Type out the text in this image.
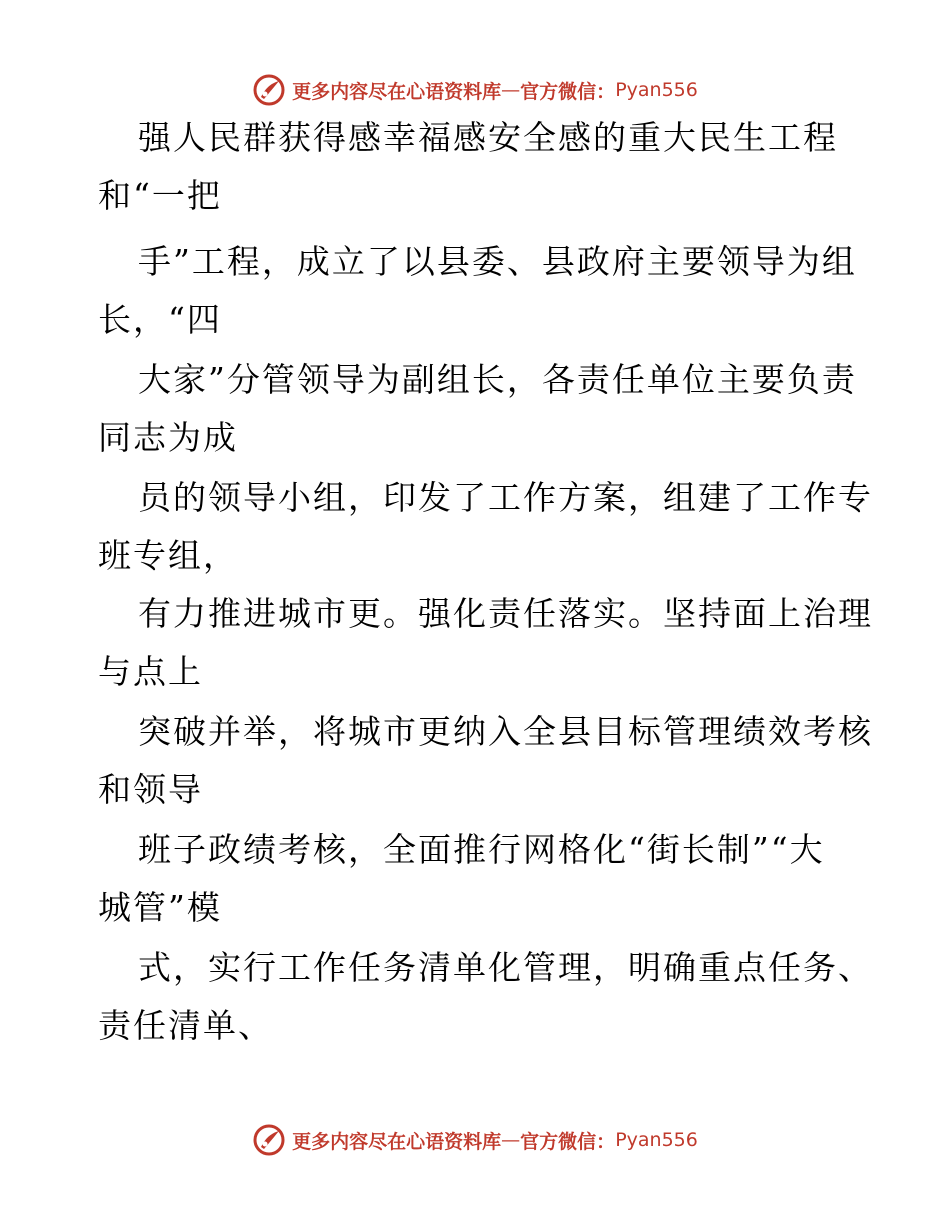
更多内容尽在心语资料库 — 官方微信： Pyan556
强人民群获得感幸福感安全感的重大民生工程
和“一把
手”工程，成立了以县委、县政府主要领导为组
长，“四
大家”分管领导为副组长，各责任单位主要负责
同志为成
员的领导小组，印发了工作方案，组建了工作专
班专组，
有力推进城市更。强化责任落实。坚持面上治理
与点上
突破并举，将城市更纳入全县目标管理绩效考核
和领导
班子政绩考核，全面推行网格化“街长制”“大
城管”模
式，实行工作任务清单化管理，明确重点任务、
责任清单、
更多内容尽在心语资料库 — 官方微信： Pyan556
